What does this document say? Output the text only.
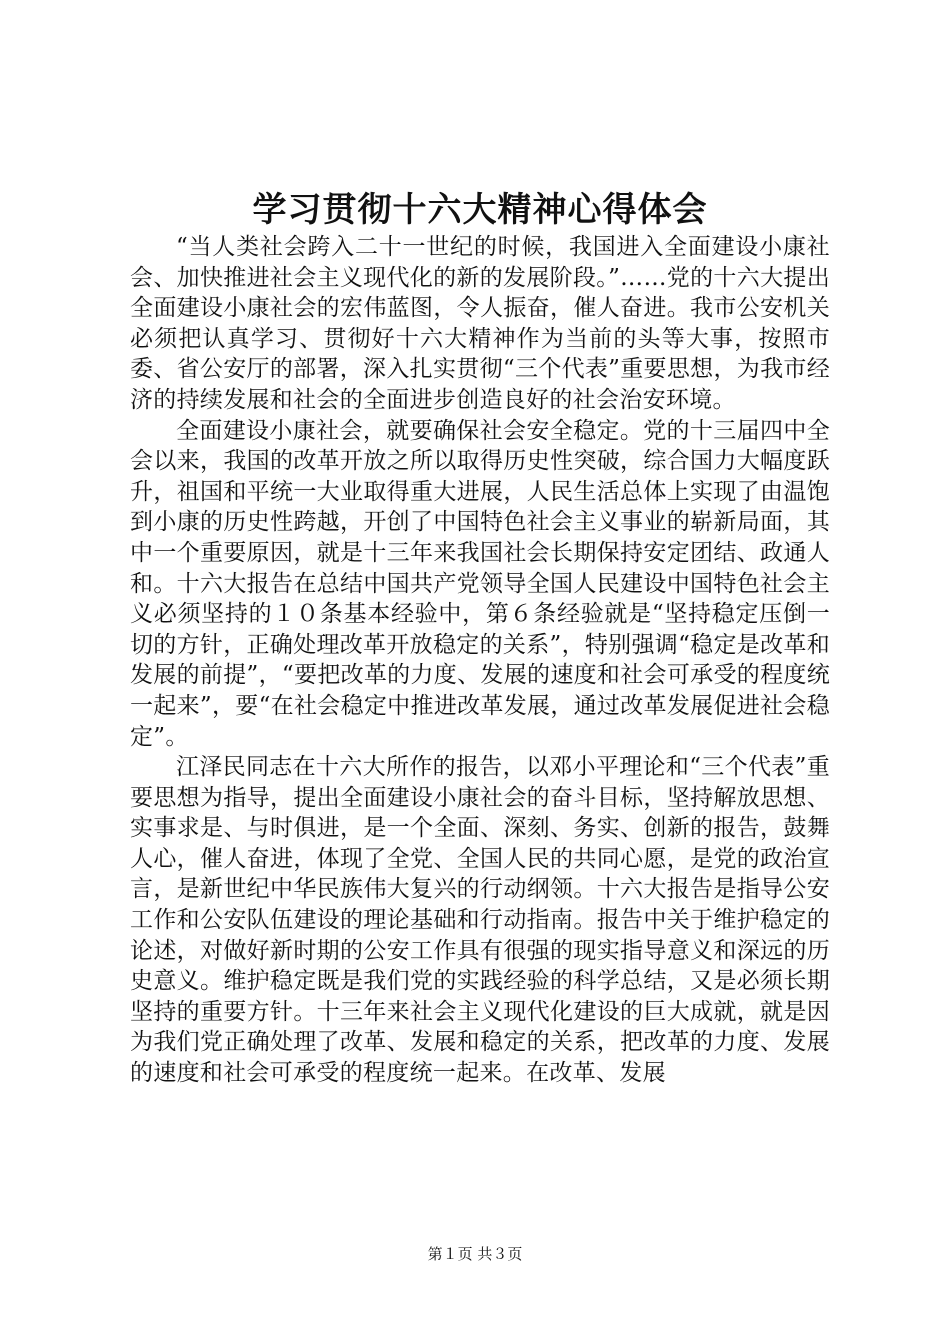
学习贯彻十六大精神心得体会

“当人类社会跨入二十一世纪的时候，我国进入全面建设小康社会、加快推进社会主义现代化的新的发展阶段。”……党的十六大提出全面建设小康社会的宏伟蓝图，令人振奋，催人奋进。我市公安机关必须把认真学习、贯彻好十六大精神作为当前的头等大事，按照市委、省公安厅的部署，深入扎实贯彻“三个代表”重要思想，为我市经济的持续发展和社会的全面进步创造良好的社会治安环境。

全面建设小康社会，就要确保社会安全稳定。党的十三届四中全会以来，我国的改革开放之所以取得历史性突破，综合国力大幅度跃升，祖国和平统一大业取得重大进展，人民生活总体上实现了由温饱到小康的历史性跨越，开创了中国特色社会主义事业的崭新局面，其中一个重要原因，就是十三年来我国社会长期保持安定团结、政通人和。十六大报告在总结中国共产党领导全国人民建设中国特色社会主义必须坚持的１０条基本经验中，第６条经验就是“坚持稳定压倒一切的方针，正确处理改革开放稳定的关系”，特别强调“稳定是改革和发展的前提”，“要把改革的力度、发展的速度和社会可承受的程度统一起来”，要“在社会稳定中推进改革发展，通过改革发展促进社会稳定”。

江泽民同志在十六大所作的报告，以邓小平理论和“三个代表”重要思想为指导，提出全面建设小康社会的奋斗目标，坚持解放思想、实事求是、与时俱进，是一个全面、深刻、务实、创新的报告，鼓舞人心，催人奋进，体现了全党、全国人民的共同心愿，是党的政治宣言，是新世纪中华民族伟大复兴的行动纲领。十六大报告是指导公安工作和公安队伍建设的理论基础和行动指南。报告中关于维护稳定的论述，对做好新时期的公安工作具有很强的现实指导意义和深远的历史意义。维护稳定既是我们党的实践经验的科学总结，又是必须长期坚持的重要方针。十三年来社会主义现代化建设的巨大成就，就是因为我们党正确处理了改革、发展和稳定的关系，把改革的力度、发展的速度和社会可承受的程度统一起来。在改革、发展

第１页 共３页
